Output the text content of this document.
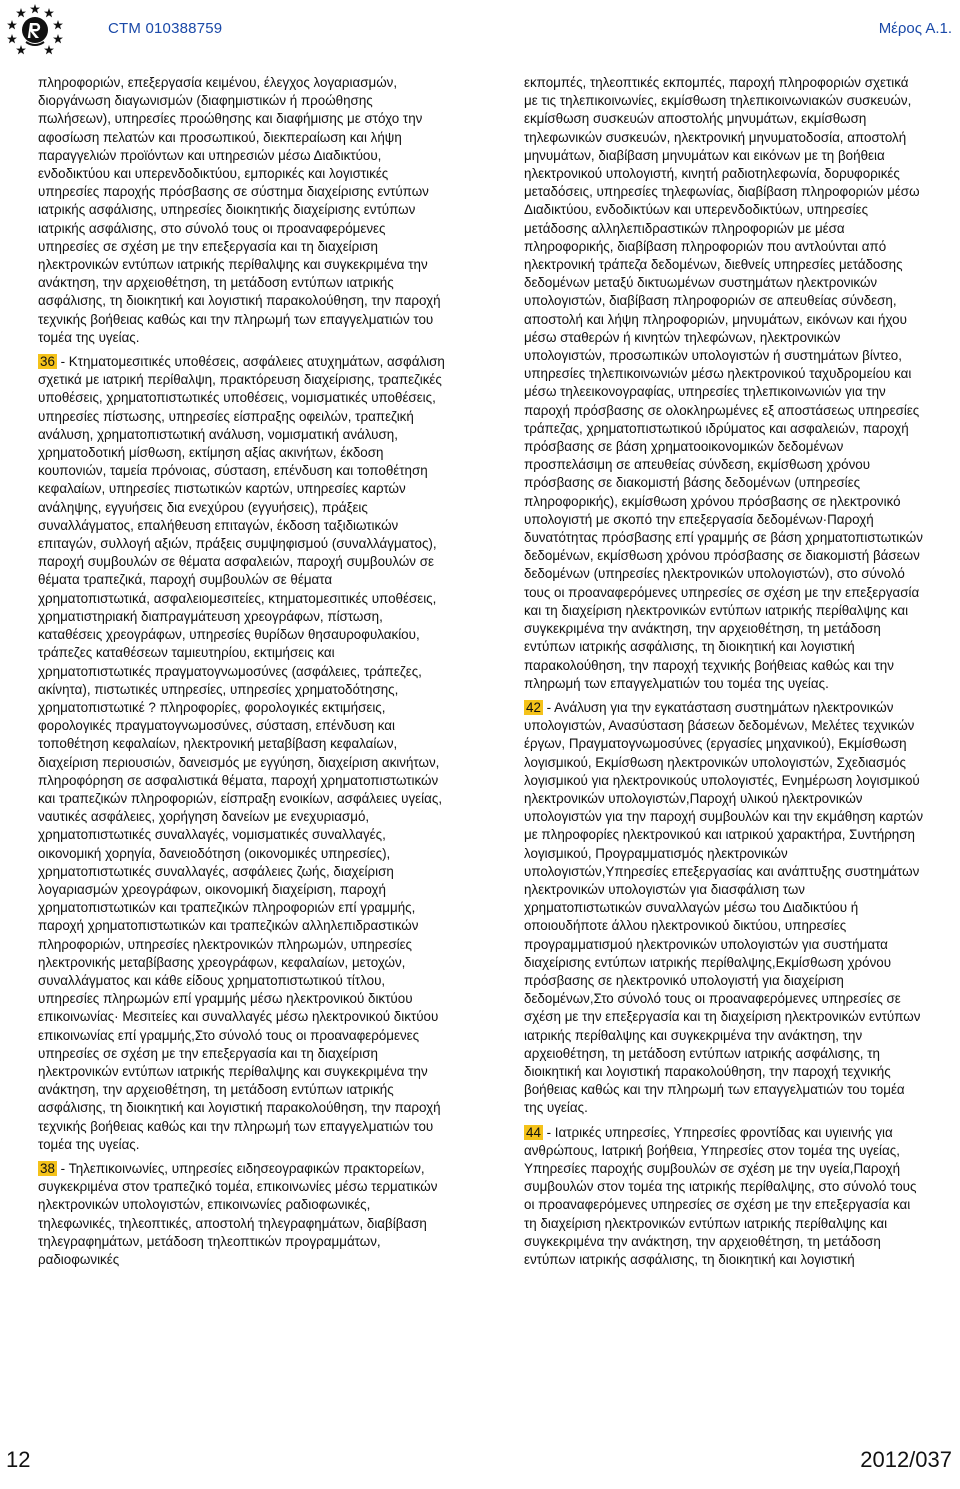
CTM 010388759	Μέρος Α.1.

πληροφοριών, επεξεργασία κειμένου, έλεγχος λογαριασμών, διοργάνωση διαγωνισμών (διαφημιστικών ή προώθησης πωλήσεων), υπηρεσίες προώθησης και διαφήμισης με στόχο την αφοσίωση πελατών και προσωπικού, διεκπεραίωση και λήψη παραγγελιών προϊόντων και υπηρεσιών μέσω Διαδικτύου, ενδοδικτύου και υπερενδοδικτύου, εμπορικές και λογιστικές υπηρεσίες παροχής πρόσβασης σε σύστημα διαχείρισης εντύπων ιατρικής ασφάλισης, υπηρεσίες διοικητικής διαχείρισης εντύπων ιατρικής ασφάλισης, στο σύνολό τους οι προαναφερόμενες υπηρεσίες σε σχέση με την επεξεργασία και τη διαχείριση ηλεκτρονικών εντύπων ιατρικής περίθαλψης και συγκεκριμένα την ανάκτηση, την αρχειοθέτηση, τη μετάδοση εντύπων ιατρικής ασφάλισης, τη διοικητική και λογιστική παρακολούθηση, την παροχή τεχνικής βοήθειας καθώς και την πληρωμή των επαγγελματιών του τομέα της υγείας.

36 - Κτηματομεσιτικές υποθέσεις, ασφάλειες ατυχημάτων, ασφάλιση σχετικά με ιατρική περίθαλψη, πρακτόρευση διαχείρισης, τραπεζικές υποθέσεις, χρηματοπιστωτικές υποθέσεις, νομισματικές υποθέσεις, υπηρεσίες πίστωσης, υπηρεσίες είσπραξης οφειλών, τραπεζική ανάλυση, χρηματοπιστωτική ανάλυση, νομισματική ανάλυση, χρηματοδοτική μίσθωση, εκτίμηση αξίας ακινήτων, έκδοση κουπονιών, ταμεία πρόνοιας, σύσταση, επένδυση και τοποθέτηση κεφαλαίων, υπηρεσίες πιστωτικών καρτών, υπηρεσίες καρτών ανάληψης, εγγυήσεις δια ενεχύρου (εγγυήσεις), πράξεις συναλλάγματος, επαλήθευση επιταγών, έκδοση ταξιδιωτικών επιταγών, συλλογή αξιών, πράξεις συμψηφισμού (συναλλάγματος), παροχή συμβουλών σε θέματα ασφαλειών, παροχή συμβουλών σε θέματα τραπεζικά, παροχή συμβουλών σε θέματα χρηματοπιστωτικά, ασφαλειομεσιτείες, κτηματομεσιτικές υποθέσεις, χρηματιστηριακή διαπραγμάτευση χρεογράφων, πίστωση, καταθέσεις χρεογράφων, υπηρεσίες θυρίδων θησαυροφυλακίου, τράπεζες καταθέσεων ταμιευτηρίου, εκτιμήσεις και χρηματοπιστωτικές πραγματογνωμοσύνες (ασφάλειες, τράπεζες, ακίνητα), πιστωτικές υπηρεσίες, υπηρεσίες χρηματοδότησης, χρηματοπιστωτικέ ? πληροφορίες, φορολογικές εκτιμήσεις, φορολογικές πραγματογνωμοσύνες, σύσταση, επένδυση και τοποθέτηση κεφαλαίων, ηλεκτρονική μεταβίβαση κεφαλαίων, διαχείριση περιουσιών, δανεισμός με εγγύηση, διαχείριση ακινήτων, πληροφόρηση σε ασφαλιστικά θέματα, παροχή χρηματοπιστωτικών και τραπεζικών πληροφοριών, είσπραξη ενοικίων, ασφάλειες υγείας, ναυτικές ασφάλειες, χορήγηση δανείων με ενεχυριασμό, χρηματοπιστωτικές συναλλαγές, νομισματικές συναλλαγές, οικονομική χορηγία, δανειοδότηση (οικονομικές υπηρεσίες), χρηματοπιστωτικές συναλλαγές, ασφάλειες ζωής, διαχείριση λογαριασμών χρεογράφων, οικονομική διαχείριση, παροχή χρηματοπιστωτικών και τραπεζικών πληροφοριών επί γραμμής, παροχή χρηματοπιστωτικών και τραπεζικών αλληλεπιδραστικών πληροφοριών, υπηρεσίες ηλεκτρονικών πληρωμών, υπηρεσίες ηλεκτρονικής μεταβίβασης χρεογράφων, κεφαλαίων, μετοχών, συναλλάγματος και κάθε είδους χρηματοπιστωτικού τίτλου, υπηρεσίες πληρωμών επί γραμμής μέσω ηλεκτρονικού δικτύου επικοινωνίας· Μεσιτείες και συναλλαγές μέσω ηλεκτρονικού δικτύου επικοινωνίας επί γραμμής,Στο σύνολό τους οι προαναφερόμενες υπηρεσίες σε σχέση με την επεξεργασία και τη διαχείριση ηλεκτρονικών εντύπων ιατρικής περίθαλψης και συγκεκριμένα την ανάκτηση, την αρχειοθέτηση, τη μετάδοση εντύπων ιατρικής ασφάλισης, τη διοικητική και λογιστική παρακολούθηση, την παροχή τεχνικής βοήθειας καθώς και την πληρωμή των επαγγελματιών του τομέα της υγείας.

38 - Τηλεπικοινωνίες, υπηρεσίες ειδησεογραφικών πρακτορείων, συγκεκριμένα στον τραπεζικό τομέα, επικοινωνίες μέσω τερματικών ηλεκτρονικών υπολογιστών, επικοινωνίες ραδιοφωνικές, τηλεφωνικές, τηλεοπτικές, αποστολή τηλεγραφημάτων, διαβίβαση τηλεγραφημάτων, μετάδοση τηλεοπτικών προγραμμάτων, ραδιοφωνικές

εκπομπές, τηλεοπτικές εκπομπές, παροχή πληροφοριών σχετικά με τις τηλεπικοινωνίες, εκμίσθωση τηλεπικοινωνιακών συσκευών, εκμίσθωση συσκευών αποστολής μηνυμάτων, εκμίσθωση τηλεφωνικών συσκευών, ηλεκτρονική μηνυματοδοσία, αποστολή μηνυμάτων, διαβίβαση μηνυμάτων και εικόνων με τη βοήθεια ηλεκτρονικού υπολογιστή, κινητή ραδιοτηλεφωνία, δορυφορικές μεταδόσεις, υπηρεσίες τηλεφωνίας, διαβίβαση πληροφοριών μέσω Διαδικτύου, ενδοδικτύων και υπερενδοδικτύων, υπηρεσίες μετάδοσης αλληλεπιδραστικών πληροφοριών με μέσα πληροφορικής, διαβίβαση πληροφοριών που αντλούνται από ηλεκτρονική τράπεζα δεδομένων, διεθνείς υπηρεσίες μετάδοσης δεδομένων μεταξύ δικτυωμένων συστημάτων ηλεκτρονικών υπολογιστών, διαβίβαση πληροφοριών σε απευθείας σύνδεση, αποστολή και λήψη πληροφοριών, μηνυμάτων, εικόνων και ήχου μέσω σταθερών ή κινητών τηλεφώνων, ηλεκτρονικών υπολογιστών, προσωπικών υπολογιστών ή συστημάτων βίντεο, υπηρεσίες τηλεπικοινωνιών μέσω ηλεκτρονικού ταχυδρομείου και μέσω τηλεεικονογραφίας, υπηρεσίες τηλεπικοινωνιών για την παροχή πρόσβασης σε ολοκληρωμένες εξ αποστάσεως υπηρεσίες τράπεζας, χρηματοπιστωτικού ιδρύματος και ασφαλειών, παροχή πρόσβασης σε βάση χρηματοοικονομικών δεδομένων προσπελάσιμη σε απευθείας σύνδεση, εκμίσθωση χρόνου πρόσβασης σε διακομιστή βάσης δεδομένων (υπηρεσίες πληροφορικής), εκμίσθωση χρόνου πρόσβασης σε ηλεκτρονικό υπολογιστή με σκοπό την επεξεργασία δεδομένων·Παροχή δυνατότητας πρόσβασης επί γραμμής σε βάση χρηματοπιστωτικών δεδομένων, εκμίσθωση χρόνου πρόσβασης σε διακομιστή βάσεων δεδομένων (υπηρεσίες ηλεκτρονικών υπολογιστών), στο σύνολό τους οι προαναφερόμενες υπηρεσίες σε σχέση με την επεξεργασία και τη διαχείριση ηλεκτρονικών εντύπων ιατρικής περίθαλψης και συγκεκριμένα την ανάκτηση, την αρχειοθέτηση, τη μετάδοση εντύπων ιατρικής ασφάλισης, τη διοικητική και λογιστική παρακολούθηση, την παροχή τεχνικής βοήθειας καθώς και την πληρωμή των επαγγελματιών του τομέα της υγείας.

42 - Ανάλυση για την εγκατάσταση συστημάτων ηλεκτρονικών υπολογιστών, Ανασύσταση βάσεων δεδομένων, Μελέτες τεχνικών έργων, Πραγματογνωμοσύνες (εργασίες μηχανικού), Εκμίσθωση λογισμικού, Εκμίσθωση ηλεκτρονικών υπολογιστών, Σχεδιασμός λογισμικού για ηλεκτρονικούς υπολογιστές, Ενημέρωση λογισμικού ηλεκτρονικών υπολογιστών,Παροχή υλικού ηλεκτρονικών υπολογιστών για την παροχή συμβουλών και την εκμάθηση καρτών με πληροφορίες ηλεκτρονικού και ιατρικού χαρακτήρα, Συντήρηση λογισμικού, Προγραμματισμός ηλεκτρονικών υπολογιστών,Υπηρεσίες επεξεργασίας και ανάπτυξης συστημάτων ηλεκτρονικών υπολογιστών για διασφάλιση των χρηματοπιστωτικών συναλλαγών μέσω του Διαδικτύου ή οποιουδήποτε άλλου ηλεκτρονικού δικτύου, υπηρεσίες προγραμματισμού ηλεκτρονικών υπολογιστών για συστήματα διαχείρισης εντύπων ιατρικής περίθαλψης,Εκμίσθωση χρόνου πρόσβασης σε ηλεκτρονικό υπολογιστή για διαχείριση δεδομένων,Στο σύνολό τους οι προαναφερόμενες υπηρεσίες σε σχέση με την επεξεργασία και τη διαχείριση ηλεκτρονικών εντύπων ιατρικής περίθαλψης και συγκεκριμένα την ανάκτηση, την αρχειοθέτηση, τη μετάδοση εντύπων ιατρικής ασφάλισης, τη διοικητική και λογιστική παρακολούθηση, την παροχή τεχνικής βοήθειας καθώς και την πληρωμή των επαγγελματιών του τομέα της υγείας.

44 - Ιατρικές υπηρεσίες, Υπηρεσίες φροντίδας και υγιεινής για ανθρώπους, Ιατρική βοήθεια, Υπηρεσίες στον τομέα της υγείας, Υπηρεσίες παροχής συμβουλών σε σχέση με την υγεία,Παροχή συμβουλών στον τομέα της ιατρικής περίθαλψης, στο σύνολό τους οι προαναφερόμενες υπηρεσίες σε σχέση με την επεξεργασία και τη διαχείριση ηλεκτρονικών εντύπων ιατρικής περίθαλψης και συγκεκριμένα την ανάκτηση, την αρχειοθέτηση, τη μετάδοση εντύπων ιατρικής ασφάλισης, τη διοικητική και λογιστική

12	2012/037
